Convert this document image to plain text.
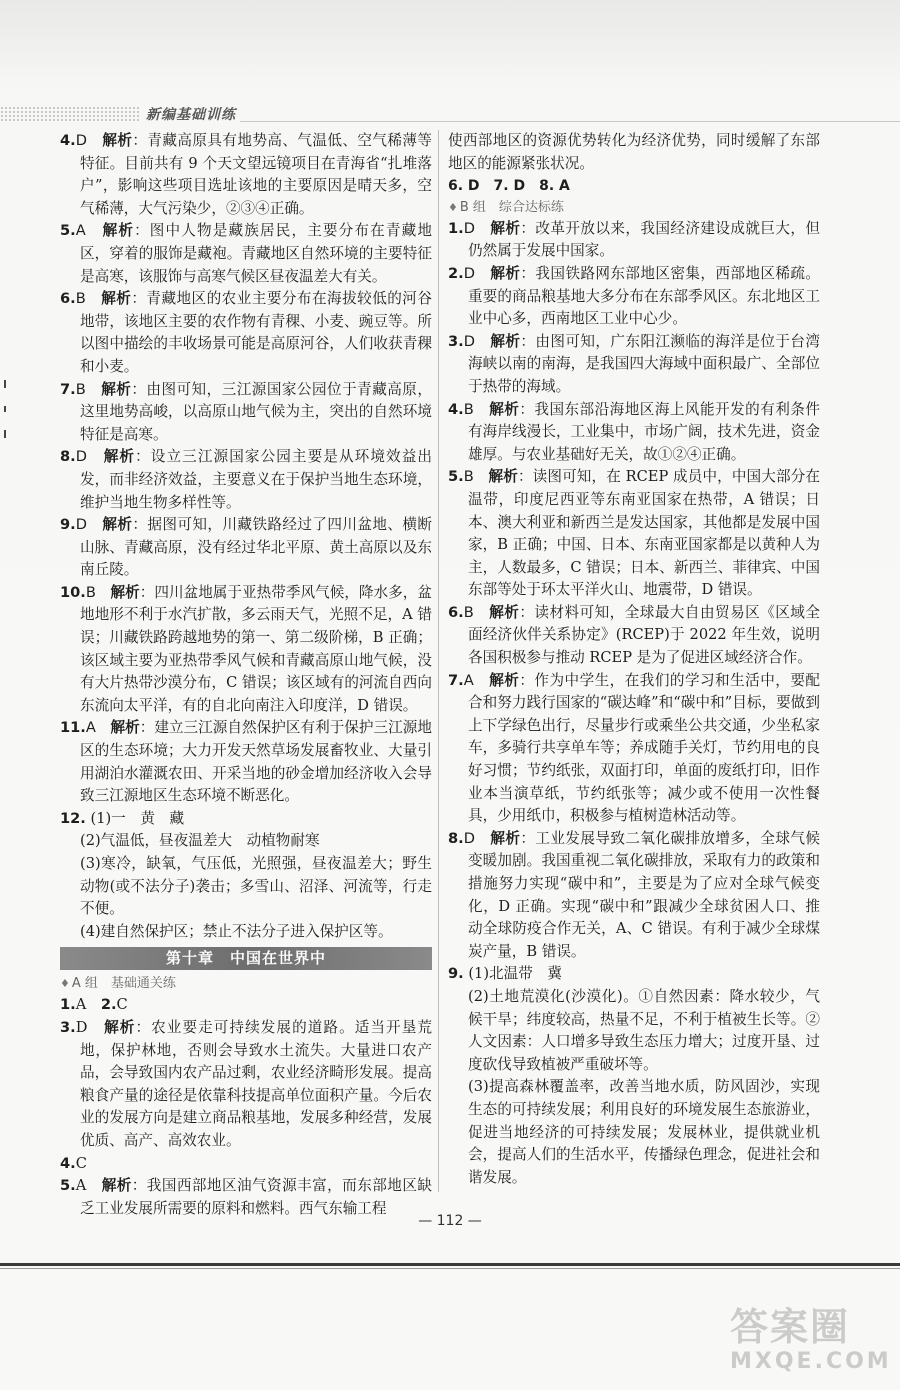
新编基础训练

4.D　 解析：青藏高原具有地势高、气温低、空气稀薄等特征。目前共有 9 个天文望远镜项目在青海省“扎堆落户”，影响这些项目选址该地的主要原因是晴天多，空气稀薄，大气污染少，②③④正确。

5.A　 解析：图中人物是藏族居民，主要分布在青藏地区，穿着的服饰是藏袍。青藏地区自然环境的主要特征是高寒，该服饰与高寒气候区昼夜温差大有关。

6.B　 解析：青藏地区的农业主要分布在海拔较低的河谷地带，该地区主要的农作物有青稞、小麦、豌豆等。所以图中描绘的丰收场景可能是高原河谷，人们收获青稞和小麦。

7.B　 解析：由图可知，三江源国家公园位于青藏高原，这里地势高峻，以高原山地气候为主，突出的自然环境特征是高寒。

8.D　 解析：设立三江源国家公园主要是从环境效益出发，而非经济效益，主要意义在于保护当地生态环境，维护当地生物多样性等。

9.D　 解析：据图可知，川藏铁路经过了四川盆地、横断山脉、青藏高原，没有经过华北平原、黄土高原以及东南丘陵。

10.B　 解析：四川盆地属于亚热带季风气候，降水多，盆地地形不利于水汽扩散，多云雨天气，光照不足，A 错误；川藏铁路跨越地势的第一、第二级阶梯，B 正确；该区域主要为亚热带季风气候和青藏高原山地气候，没有大片热带沙漠分布，C 错误；该区域有的河流自西向东流向太平洋，有的自北向南注入印度洋，D 错误。

11.A　 解析：建立三江源自然保护区有利于保护三江源地区的生态环境；大力开发天然草场发展畜牧业、大量引用湖泊水灌溉农田、开采当地的砂金增加经济收入会导致三江源地区生态环境不断恶化。

12. (1)一　黄　藏

(2)气温低，昼夜温差大　动植物耐寒

(3)寒冷，缺氧，气压低，光照强，昼夜温差大；野生动物(或不法分子)袭击；多雪山、沼泽、河流等，行走不便。

(4)建自然保护区；禁止不法分子进入保护区等。

第十章　中国在世界中

♦ A 组　基础通关练

1.A　2.C

3.D　 解析：农业要走可持续发展的道路。适当开垦荒地，保护林地，否则会导致水土流失。大量进口农产品，会导致国内农产品过剩，农业经济畸形发展。提高粮食产量的途径是依靠科技提高单位面积产量。今后农业的发展方向是建立商品粮基地，发展多种经营，发展优质、高产、高效农业。

4.C

5.A　 解析：我国西部地区油气资源丰富，而东部地区缺乏工业发展所需要的原料和燃料。西气东输工程

使西部地区的资源优势转化为经济优势，同时缓解了东部地区的能源紧张状况。

6. D　7. D　8. A

♦ B 组　综合达标练

1.D　 解析：改革开放以来，我国经济建设成就巨大，但仍然属于发展中国家。

2.D　 解析：我国铁路网东部地区密集，西部地区稀疏。重要的商品粮基地大多分布在东部季风区。东北地区工业中心多，西南地区工业中心少。

3.D　 解析：由图可知，广东阳江濒临的海洋是位于台湾海峡以南的南海，是我国四大海域中面积最广、全部位于热带的海域。

4.B　 解析：我国东部沿海地区海上风能开发的有利条件有海岸线漫长，工业集中，市场广阔，技术先进，资金雄厚。与农业基础好无关，故①②④正确。

5.B　 解析：读图可知，在 RCEP 成员中，中国大部分在温带，印度尼西亚等东南亚国家在热带，A 错误；日本、澳大利亚和新西兰是发达国家，其他都是发展中国家，B 正确；中国、日本、东南亚国家都是以黄种人为主，人数最多，C 错误；日本、新西兰、菲律宾、中国东部等处于环太平洋火山、地震带，D 错误。

6.B　 解析：读材料可知，全球最大自由贸易区《区域全面经济伙伴关系协定》(RCEP)于 2022 年生效，说明各国积极参与推动 RCEP 是为了促进区域经济合作。

7.A　 解析：作为中学生，在我们的学习和生活中，要配合和努力践行国家的“碳达峰”和“碳中和”目标，要做到上下学绿色出行，尽量步行或乘坐公共交通，少坐私家车，多骑行共享单车等；养成随手关灯，节约用电的良好习惯；节约纸张，双面打印，单面的废纸打印，旧作业本当演草纸，节约纸张等；减少或不使用一次性餐具，少用纸巾，积极参与植树造林活动等。

8.D　 解析：工业发展导致二氧化碳排放增多，全球气候变暖加剧。我国重视二氧化碳排放，采取有力的政策和措施努力实现“碳中和”，主要是为了应对全球气候变化，D 正确。实现“碳中和”跟减少全球贫困人口、推动全球防疫合作无关，A、C 错误。有利于减少全球煤炭产量，B 错误。

9. (1)北温带　冀

(2)土地荒漠化(沙漠化)。①自然因素：降水较少，气候干旱；纬度较高，热量不足，不利于植被生长等。②人文因素：人口增多导致生态压力增大；过度开垦、过度砍伐导致植被严重破坏等。

(3)提高森林覆盖率，改善当地水质，防风固沙，实现生态的可持续发展；利用良好的环境发展生态旅游业，促进当地经济的可持续发展；发展林业，提供就业机会，提高人们的生活水平，传播绿色理念，促进社会和谐发展。

— 112 —
答案圈
MXQE.COM
